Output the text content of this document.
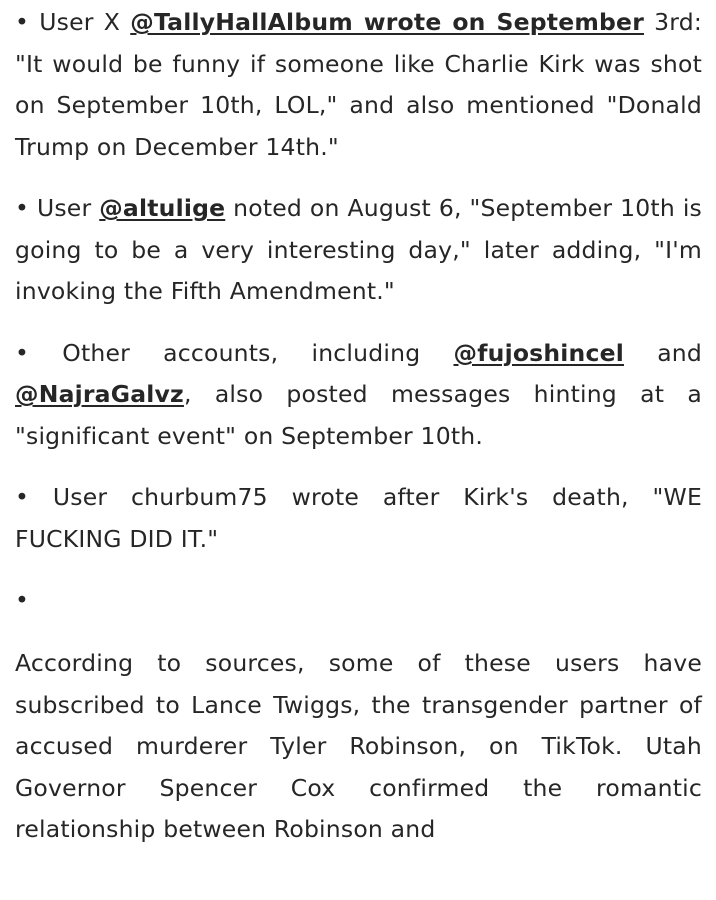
• User X @TallyHallAlbum wrote on September 3rd: "It would be funny if someone like Charlie Kirk was shot on September 10th, LOL," and also mentioned "Donald Trump on December 14th."

• User @altulige noted on August 6, "September 10th is going to be a very interesting day," later adding, "I'm invoking the Fifth Amendment."

• Other accounts, including @fujoshincel and @NajraGalvz, also posted messages hinting at a "significant event" on September 10th.

• User churbum75 wrote after Kirk's death, "WE FUCKING DID IT."

•

According to sources, some of these users have subscribed to Lance Twiggs, the transgender partner of accused murderer Tyler Robinson, on TikTok. Utah Governor Spencer Cox confirmed the romantic relationship between Robinson and
